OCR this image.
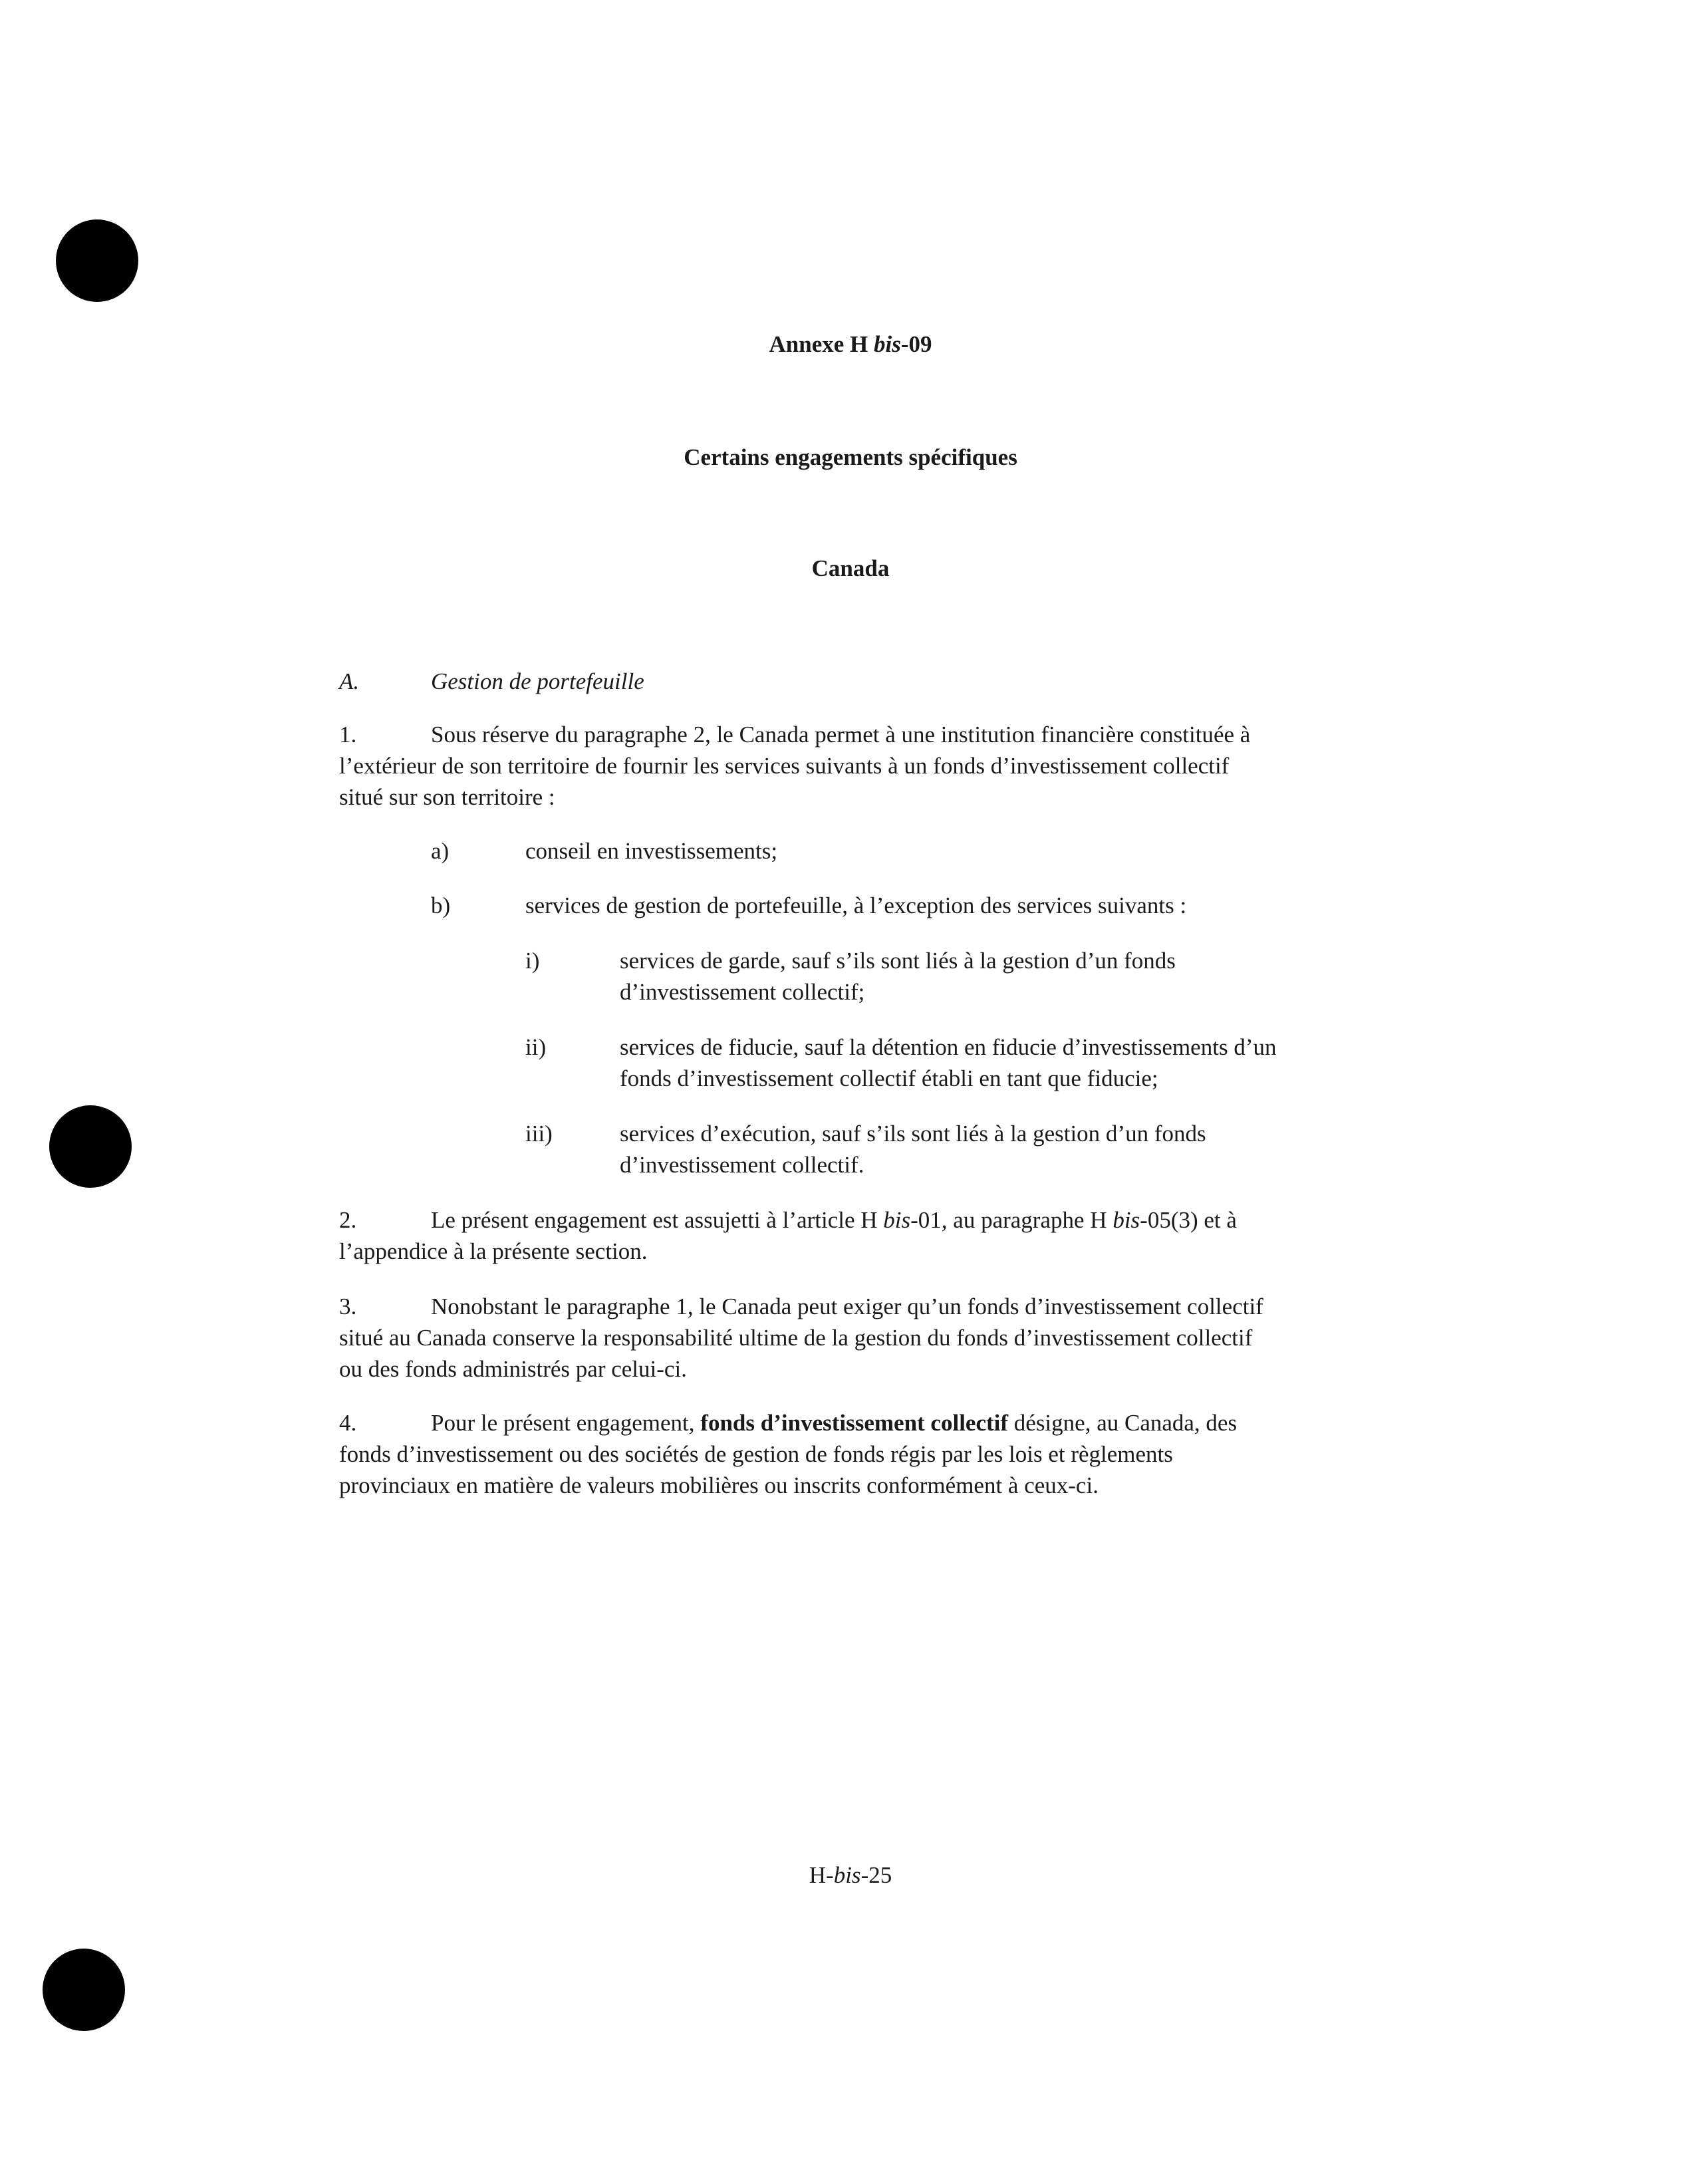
Annexe H bis-09
Certains engagements spécifiques
Canada
A.	Gestion de portefeuille
1.	Sous réserve du paragraphe 2, le Canada permet à une institution financière constituée à
l’extérieur de son territoire de fournir les services suivants à un fonds d’investissement collectif
situé sur son territoire :
a)	conseil en investissements;
b)	services de gestion de portefeuille, à l’exception des services suivants :
i)	services de garde, sauf s’ils sont liés à la gestion d’un fonds
d’investissement collectif;
ii)	services de fiducie, sauf la détention en fiducie d’investissements d’un
fonds d’investissement collectif établi en tant que fiducie;
iii)	services d’exécution, sauf s’ils sont liés à la gestion d’un fonds
d’investissement collectif.
2.	Le présent engagement est assujetti à l’article H bis-01, au paragraphe H bis-05(3) et à
l’appendice à la présente section.
3.	Nonobstant le paragraphe 1, le Canada peut exiger qu’un fonds d’investissement collectif
situé au Canada conserve la responsabilité ultime de la gestion du fonds d’investissement collectif
ou des fonds administrés par celui-ci.
4.	Pour le présent engagement, fonds d’investissement collectif désigne, au Canada, des
fonds d’investissement ou des sociétés de gestion de fonds régis par les lois et règlements
provinciaux en matière de valeurs mobilières ou inscrits conformément à ceux-ci.
H-bis-25
